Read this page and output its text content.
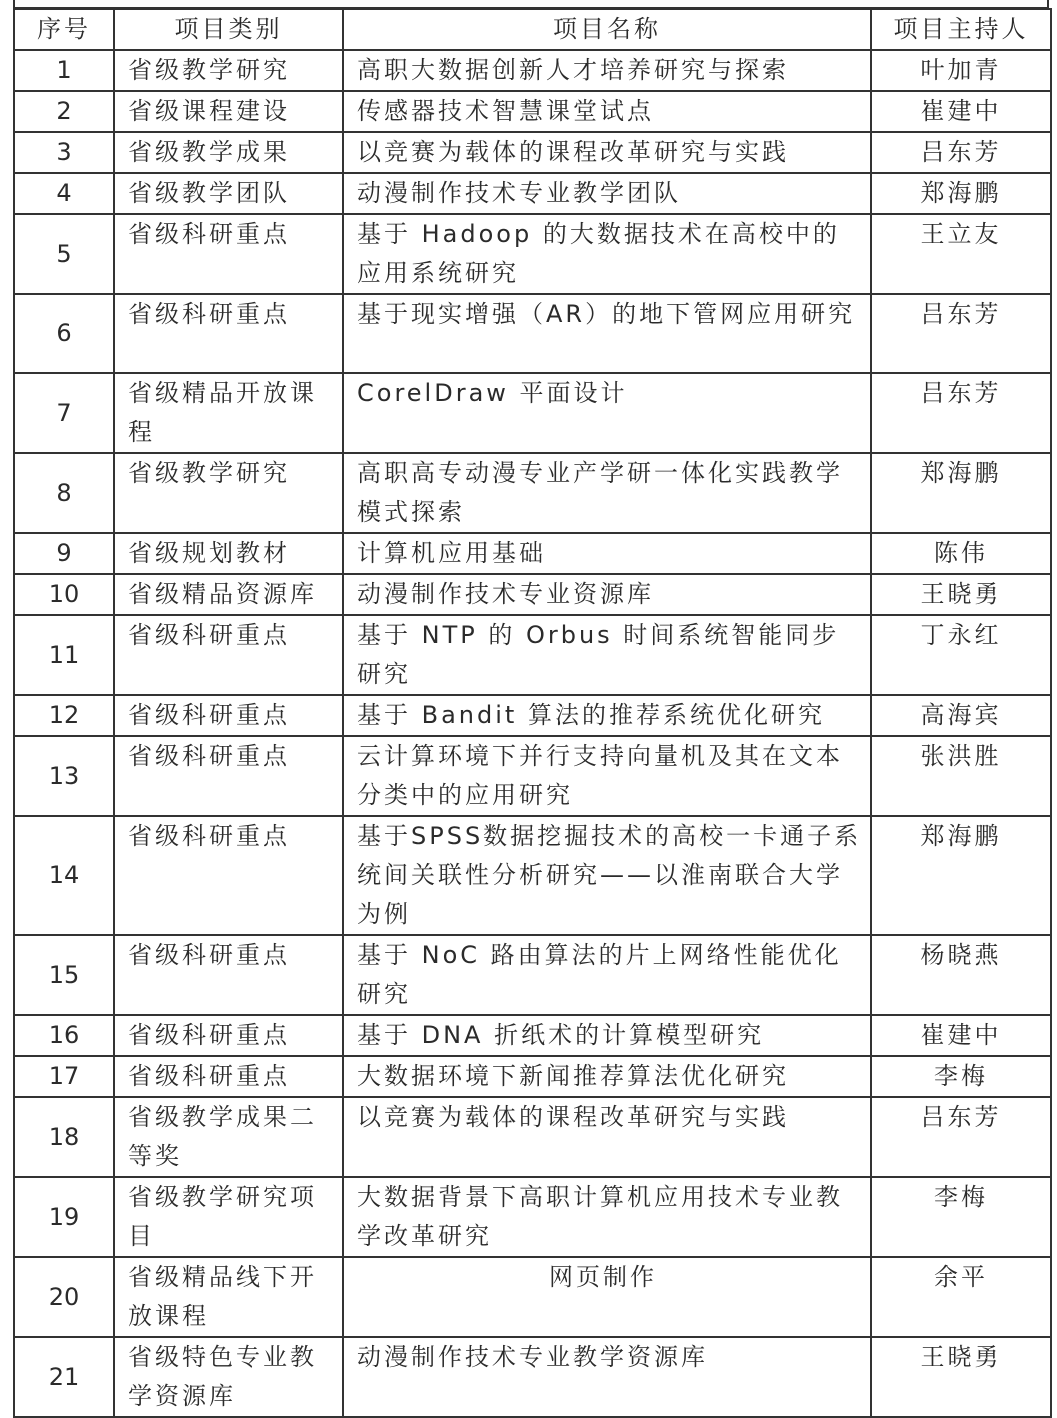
序号	项目类别	项目名称	项目主持人
1	省级教学研究	高职大数据创新人才培养研究与探索	叶加青
2	省级课程建设	传感器技术智慧课堂试点	崔建中
3	省级教学成果	以竞赛为载体的课程改革研究与实践	吕东芳
4	省级教学团队	动漫制作技术专业教学团队	郑海鹏
5	省级科研重点	基于 Hadoop 的大数据技术在高校中的应用系统研究	王立友
6	省级科研重点	基于现实增强（AR）的地下管网应用研究	吕东芳
7	省级精品开放课程	CorelDraw 平面设计	吕东芳
8	省级教学研究	高职高专动漫专业产学研一体化实践教学模式探索	郑海鹏
9	省级规划教材	计算机应用基础	陈伟
10	省级精品资源库	动漫制作技术专业资源库	王晓勇
11	省级科研重点	基于 NTP 的 Orbus 时间系统智能同步研究	丁永红
12	省级科研重点	基于 Bandit 算法的推荐系统优化研究	高海宾
13	省级科研重点	云计算环境下并行支持向量机及其在文本分类中的应用研究	张洪胜
14	省级科研重点	基于SPSS数据挖掘技术的高校一卡通子系统间关联性分析研究——以淮南联合大学为例	郑海鹏
15	省级科研重点	基于 NoC 路由算法的片上网络性能优化研究	杨晓燕
16	省级科研重点	基于 DNA 折纸术的计算模型研究	崔建中
17	省级科研重点	大数据环境下新闻推荐算法优化研究	李梅
18	省级教学成果二等奖	以竞赛为载体的课程改革研究与实践	吕东芳
19	省级教学研究项目	大数据背景下高职计算机应用技术专业教学改革研究	李梅
20	省级精品线下开放课程	网页制作	余平
21	省级特色专业教学资源库	动漫制作技术专业教学资源库	王晓勇
